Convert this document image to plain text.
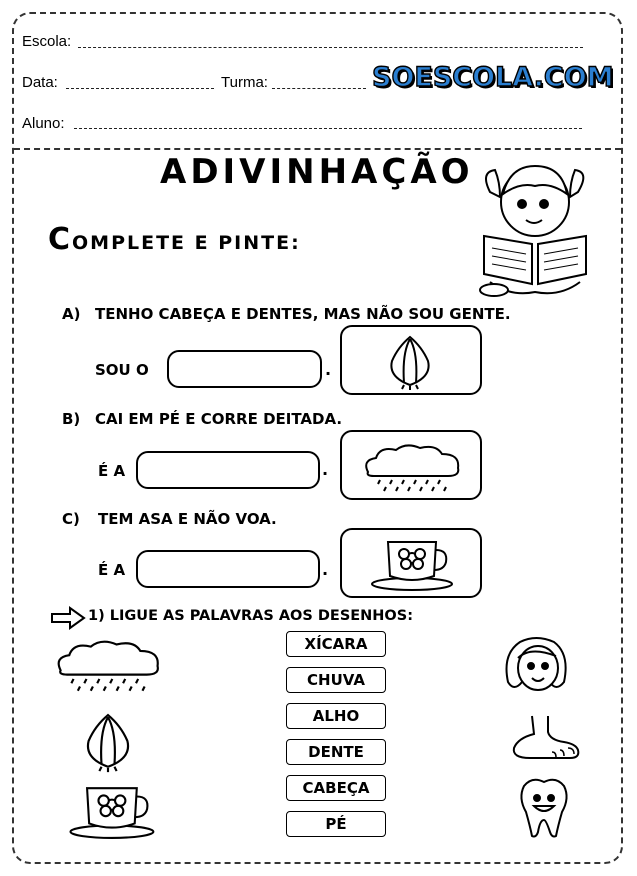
Escola:
Data:	Turma:	SOESCOLA.COM
Aluno:
ADIVINHAÇÃO
COMPLETE E PINTE:
A) TENHO CABEÇA E DENTES, MAS NÃO SOU GENTE.
SOU O	.
B) CAI EM PÉ E CORRE DEITADA.
É A	.
C) TEM ASA E NÃO VOA.
É A	.
1) LIGUE AS PALAVRAS AOS DESENHOS:
XÍCARA
CHUVA
ALHO
DENTE
CABEÇA
PÉ
